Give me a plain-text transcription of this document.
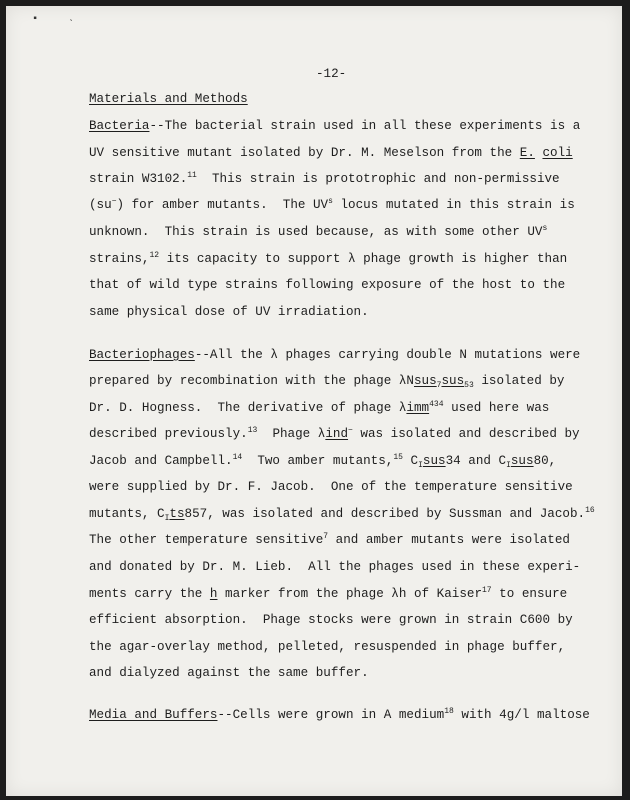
▪	ˎ
-12-
Materials and Methods
Bacteria--The bacterial strain used in all these experiments is a
UV sensitive mutant isolated by Dr. M. Meselson from the E. coli
strain W3102.11  This strain is prototrophic and non-permissive
(su−) for amber mutants.  The $UV^s$ locus mutated in this strain is
unknown.  This strain is used because, as with some other $UV^s$
strains,$^{12}$ its capacity to support λ phage growth is higher than
that of wild type strains following exposure of the host to the
same physical dose of UV irradiation.
Bacteriophages--All the λ phages carrying double N mutations were
prepared by recombination with the phage λNsus$_7$sus$_{53}$ isolated by
Dr. D. Hogness.  The derivative of phage λimm$^{434}$ used here was
described previously.$^{13}$  Phage λind− was isolated and described by
Jacob and Campbell.$^{14}$  Two amber mutants,$^{15}$ $C_Isus34$ and $C_Isus80$,
were supplied by Dr. F. Jacob.  One of the temperature sensitive
mutants, $C_Its857$, was isolated and described by Sussman and Jacob.$^{16}$
The other temperature sensitive$^7$ and amber mutants were isolated
and donated by Dr. M. Lieb.  All the phages used in these experi-
ments carry the h marker from the phage λh of Kaiser$^{17}$ to ensure
efficient absorption.  Phage stocks were grown in strain C600 by
the agar-overlay method, pelleted, resuspended in phage buffer,
and dialyzed against the same buffer.
Media and Buffers--Cells were grown in A medium$^{18}$ with 4g/l maltose
